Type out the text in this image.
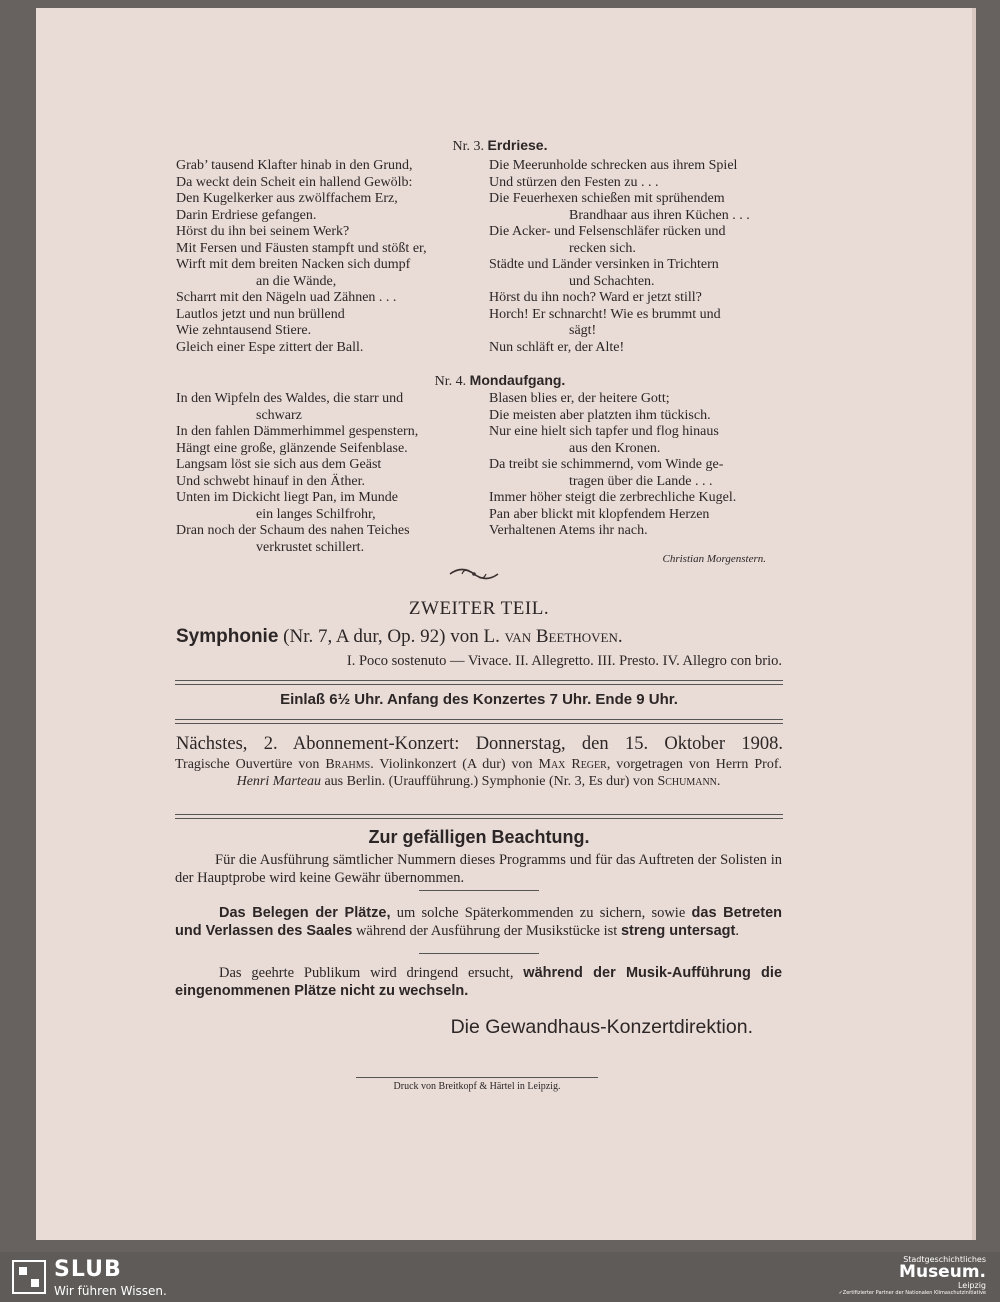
Nr. 3. Erdriese.
Grab’ tausend Klafter hinab in den Grund,
Da weckt dein Scheit ein hallend Gewölb:
Den Kugelkerker aus zwölffachem Erz,
Darin Erdriese gefangen.
Hörst du ihn bei seinem Werk?
Mit Fersen und Fäusten stampft und stößt er,
Wirft mit dem breiten Nacken sich dumpf
an die Wände,
Scharrt mit den Nägeln uad Zähnen . . .
Lautlos jetzt und nun brüllend
Wie zehntausend Stiere.
Gleich einer Espe zittert der Ball.
Die Meerunholde schrecken aus ihrem Spiel
Und stürzen den Festen zu . . .
Die Feuerhexen schießen mit sprühendem
Brandhaar aus ihren Küchen . . .
Die Acker- und Felsenschläfer rücken und
recken sich.
Städte und Länder versinken in Trichtern
und Schachten.
Hörst du ihn noch? Ward er jetzt still?
Horch! Er schnarcht! Wie es brummt und
sägt!
Nun schläft er, der Alte!
Nr. 4. Mondaufgang.
In den Wipfeln des Waldes, die starr und
schwarz
In den fahlen Dämmerhimmel gespenstern,
Hängt eine große, glänzende Seifenblase.
Langsam löst sie sich aus dem Geäst
Und schwebt hinauf in den Äther.
Unten im Dickicht liegt Pan, im Munde
ein langes Schilfrohr,
Dran noch der Schaum des nahen Teiches
verkrustet schillert.
Blasen blies er, der heitere Gott;
Die meisten aber platzten ihm tückisch.
Nur eine hielt sich tapfer und flog hinaus
aus den Kronen.
Da treibt sie schimmernd, vom Winde ge-
tragen über die Lande . . .
Immer höher steigt die zerbrechliche Kugel.
Pan aber blickt mit klopfendem Herzen
Verhaltenen Atems ihr nach.
Christian Morgenstern.
ZWEITER TEIL.
Symphonie (Nr. 7, A dur, Op. 92) von L. van Beethoven.
I. Poco sostenuto — Vivace. II. Allegretto. III. Presto. IV. Allegro con brio.
Einlaß 6½ Uhr. Anfang des Konzertes 7 Uhr. Ende 9 Uhr.
Nächstes, 2. Abonnement-Konzert: Donnerstag, den 15. Oktober 1908.
Tragische Ouvertüre von Brahms. Violinkonzert (A dur) von Max Reger, vorgetragen von Herrn Prof. Henri Marteau aus Berlin. (Uraufführung.) Symphonie (Nr. 3, Es dur) von Schumann.
Zur gefälligen Beachtung.
Für die Ausführung sämtlicher Nummern dieses Programms und für das Auftreten der Solisten in der Hauptprobe wird keine Gewähr übernommen.
Das Belegen der Plätze, um solche Späterkommenden zu sichern, sowie das Betreten und Verlassen des Saales während der Ausführung der Musikstücke ist streng untersagt.
Das geehrte Publikum wird dringend ersucht, während der Musik-Aufführung die eingenommenen Plätze nicht zu wechseln.
Die Gewandhaus-Konzertdirektion.
Druck von Breitkopf & Härtel in Leipzig.
SLUB
Wir führen Wissen.
Stadtgeschichtliches
Museum.
Leipzig
✓Zertifizierter Partner der Nationalen Klimaschutzinitiative
